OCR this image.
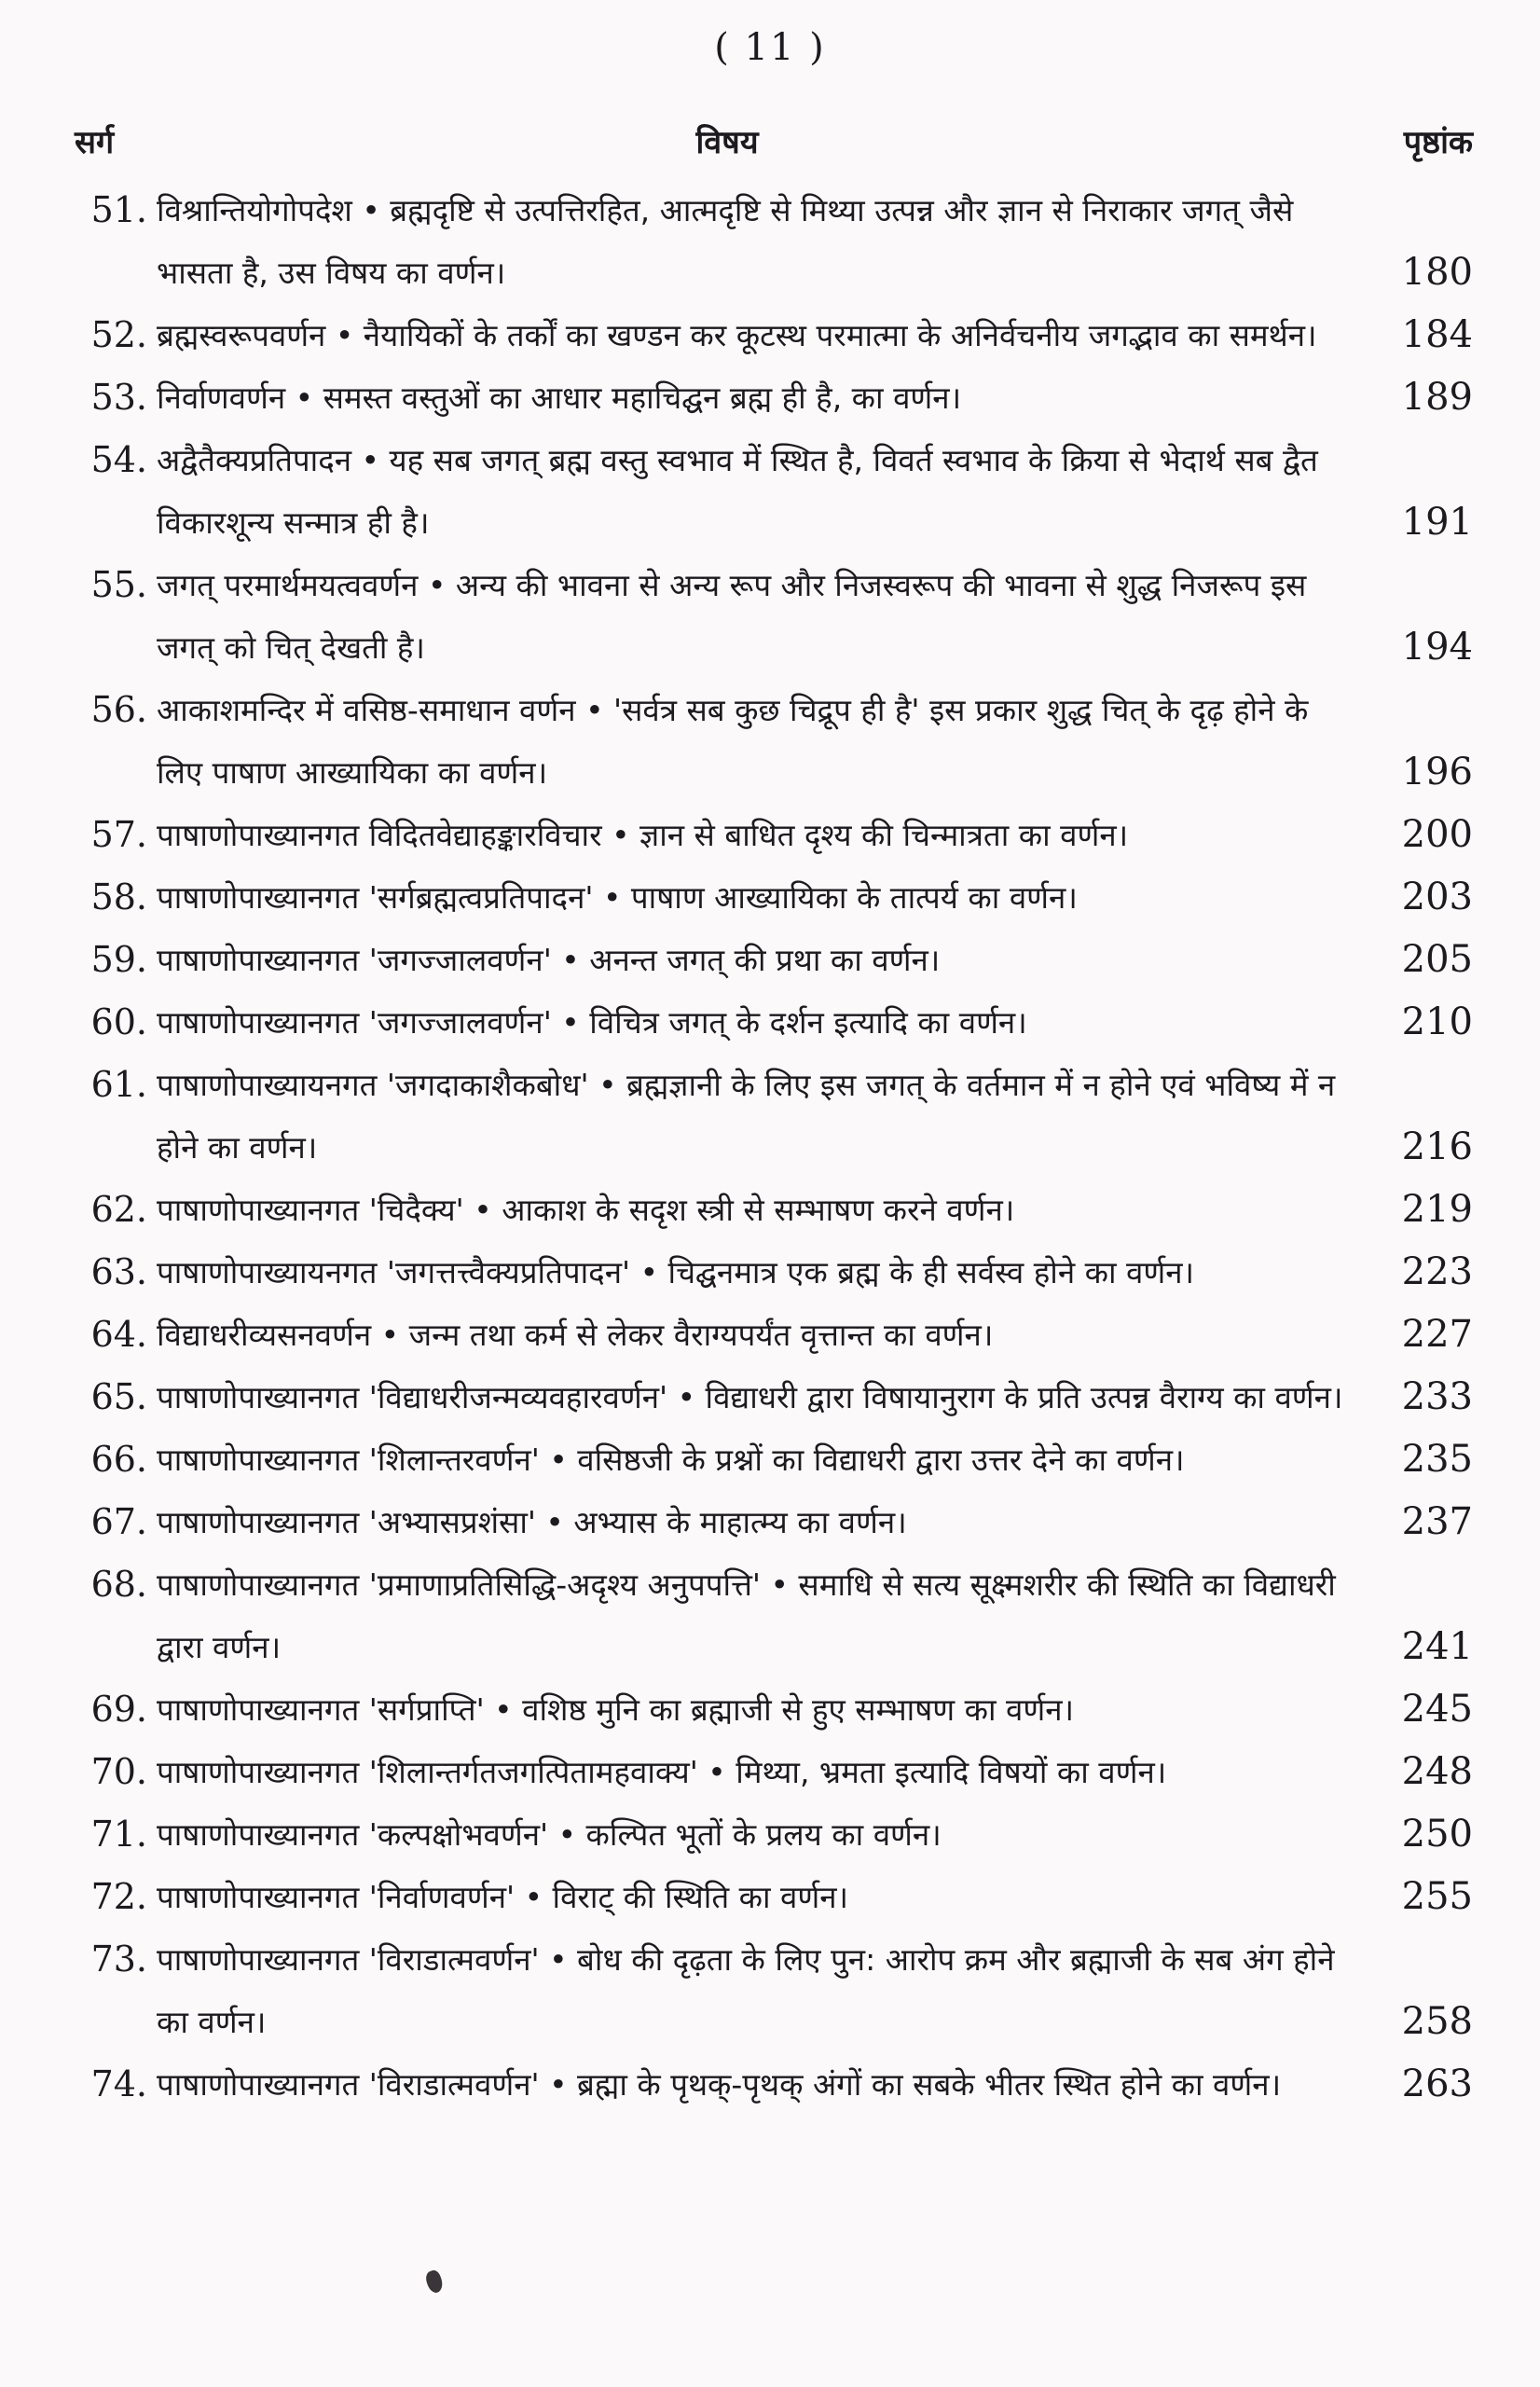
( 11 )
सर्ग	विषय	पृष्ठांक
51. विश्रान्तियोगोपदेश • ब्रह्मदृष्टि से उत्पत्तिरहित, आत्मदृष्टि से मिथ्या उत्पन्न और ज्ञान से निराकार जगत् जैसे भासता है, उस विषय का वर्णन।	180
52. ब्रह्मस्वरूपवर्णन • नैयायिकों के तर्कों का खण्डन कर कूटस्थ परमात्मा के अनिर्वचनीय जगद्भाव का समर्थन।	184
53. निर्वाणवर्णन • समस्त वस्तुओं का आधार महाचिद्घन ब्रह्म ही है, का वर्णन।	189
54. अद्वैतैक्यप्रतिपादन • यह सब जगत् ब्रह्म वस्तु स्वभाव में स्थित है, विवर्त स्वभाव के क्रिया से भेदार्थ सब द्वैत विकारशून्य सन्मात्र ही है।	191
55. जगत् परमार्थमयत्ववर्णन • अन्य की भावना से अन्य रूप और निजस्वरूप की भावना से शुद्ध निजरूप इस जगत् को चित् देखती है।	194
56. आकाशमन्दिर में वसिष्ठ-समाधान वर्णन • 'सर्वत्र सब कुछ चिद्रूप ही है' इस प्रकार शुद्ध चित् के दृढ़ होने के लिए पाषाण आख्यायिका का वर्णन।	196
57. पाषाणोपाख्यानगत विदितवेद्याहङ्कारविचार • ज्ञान से बाधित दृश्य की चिन्मात्रता का वर्णन।	200
58. पाषाणोपाख्यानगत 'सर्गब्रह्मत्वप्रतिपादन' • पाषाण आख्यायिका के तात्पर्य का वर्णन।	203
59. पाषाणोपाख्यानगत 'जगज्जालवर्णन' • अनन्त जगत् की प्रथा का वर्णन।	205
60. पाषाणोपाख्यानगत 'जगज्जालवर्णन' • विचित्र जगत् के दर्शन इत्यादि का वर्णन।	210
61. पाषाणोपाख्यायनगत 'जगदाकाशैकबोध' • ब्रह्मज्ञानी के लिए इस जगत् के वर्तमान में न होने एवं भविष्य में न होने का वर्णन।	216
62. पाषाणोपाख्यानगत 'चिदैक्य' • आकाश के सदृश स्त्री से सम्भाषण करने वर्णन।	219
63. पाषाणोपाख्यायनगत 'जगत्तत्त्वैक्यप्रतिपादन' • चिद्घनमात्र एक ब्रह्म के ही सर्वस्व होने का वर्णन।	223
64. विद्याधरीव्यसनवर्णन • जन्म तथा कर्म से लेकर वैराग्यपर्यंत वृत्तान्त का वर्णन।	227
65. पाषाणोपाख्यानगत 'विद्याधरीजन्मव्यवहारवर्णन' • विद्याधरी द्वारा विषायानुराग के प्रति उत्पन्न वैराग्य का वर्णन।	233
66. पाषाणोपाख्यानगत 'शिलान्तरवर्णन' • वसिष्ठजी के प्रश्नों का विद्याधरी द्वारा उत्तर देने का वर्णन।	235
67. पाषाणोपाख्यानगत 'अभ्यासप्रशंसा' • अभ्यास के माहात्म्य का वर्णन।	237
68. पाषाणोपाख्यानगत 'प्रमाणाप्रतिसिद्धि-अदृश्य अनुपपत्ति' • समाधि से सत्य सूक्ष्मशरीर की स्थिति का विद्याधरी द्वारा वर्णन।	241
69. पाषाणोपाख्यानगत 'सर्गप्राप्ति' • वशिष्ठ मुनि का ब्रह्माजी से हुए सम्भाषण का वर्णन।	245
70. पाषाणोपाख्यानगत 'शिलान्तर्गतजगत्पितामहवाक्य' • मिथ्या, भ्रमता इत्यादि विषयों का वर्णन।	248
71. पाषाणोपाख्यानगत 'कल्पक्षोभवर्णन' • कल्पित भूतों के प्रलय का वर्णन।	250
72. पाषाणोपाख्यानगत 'निर्वाणवर्णन' • विराट् की स्थिति का वर्णन।	255
73. पाषाणोपाख्यानगत 'विराडात्मवर्णन' • बोध की दृढ़ता के लिए पुन: आरोप क्रम और ब्रह्माजी के सब अंग होने का वर्णन।	258
74. पाषाणोपाख्यानगत 'विराडात्मवर्णन' • ब्रह्मा के पृथक्-पृथक् अंगों का सबके भीतर स्थित होने का वर्णन।	263
